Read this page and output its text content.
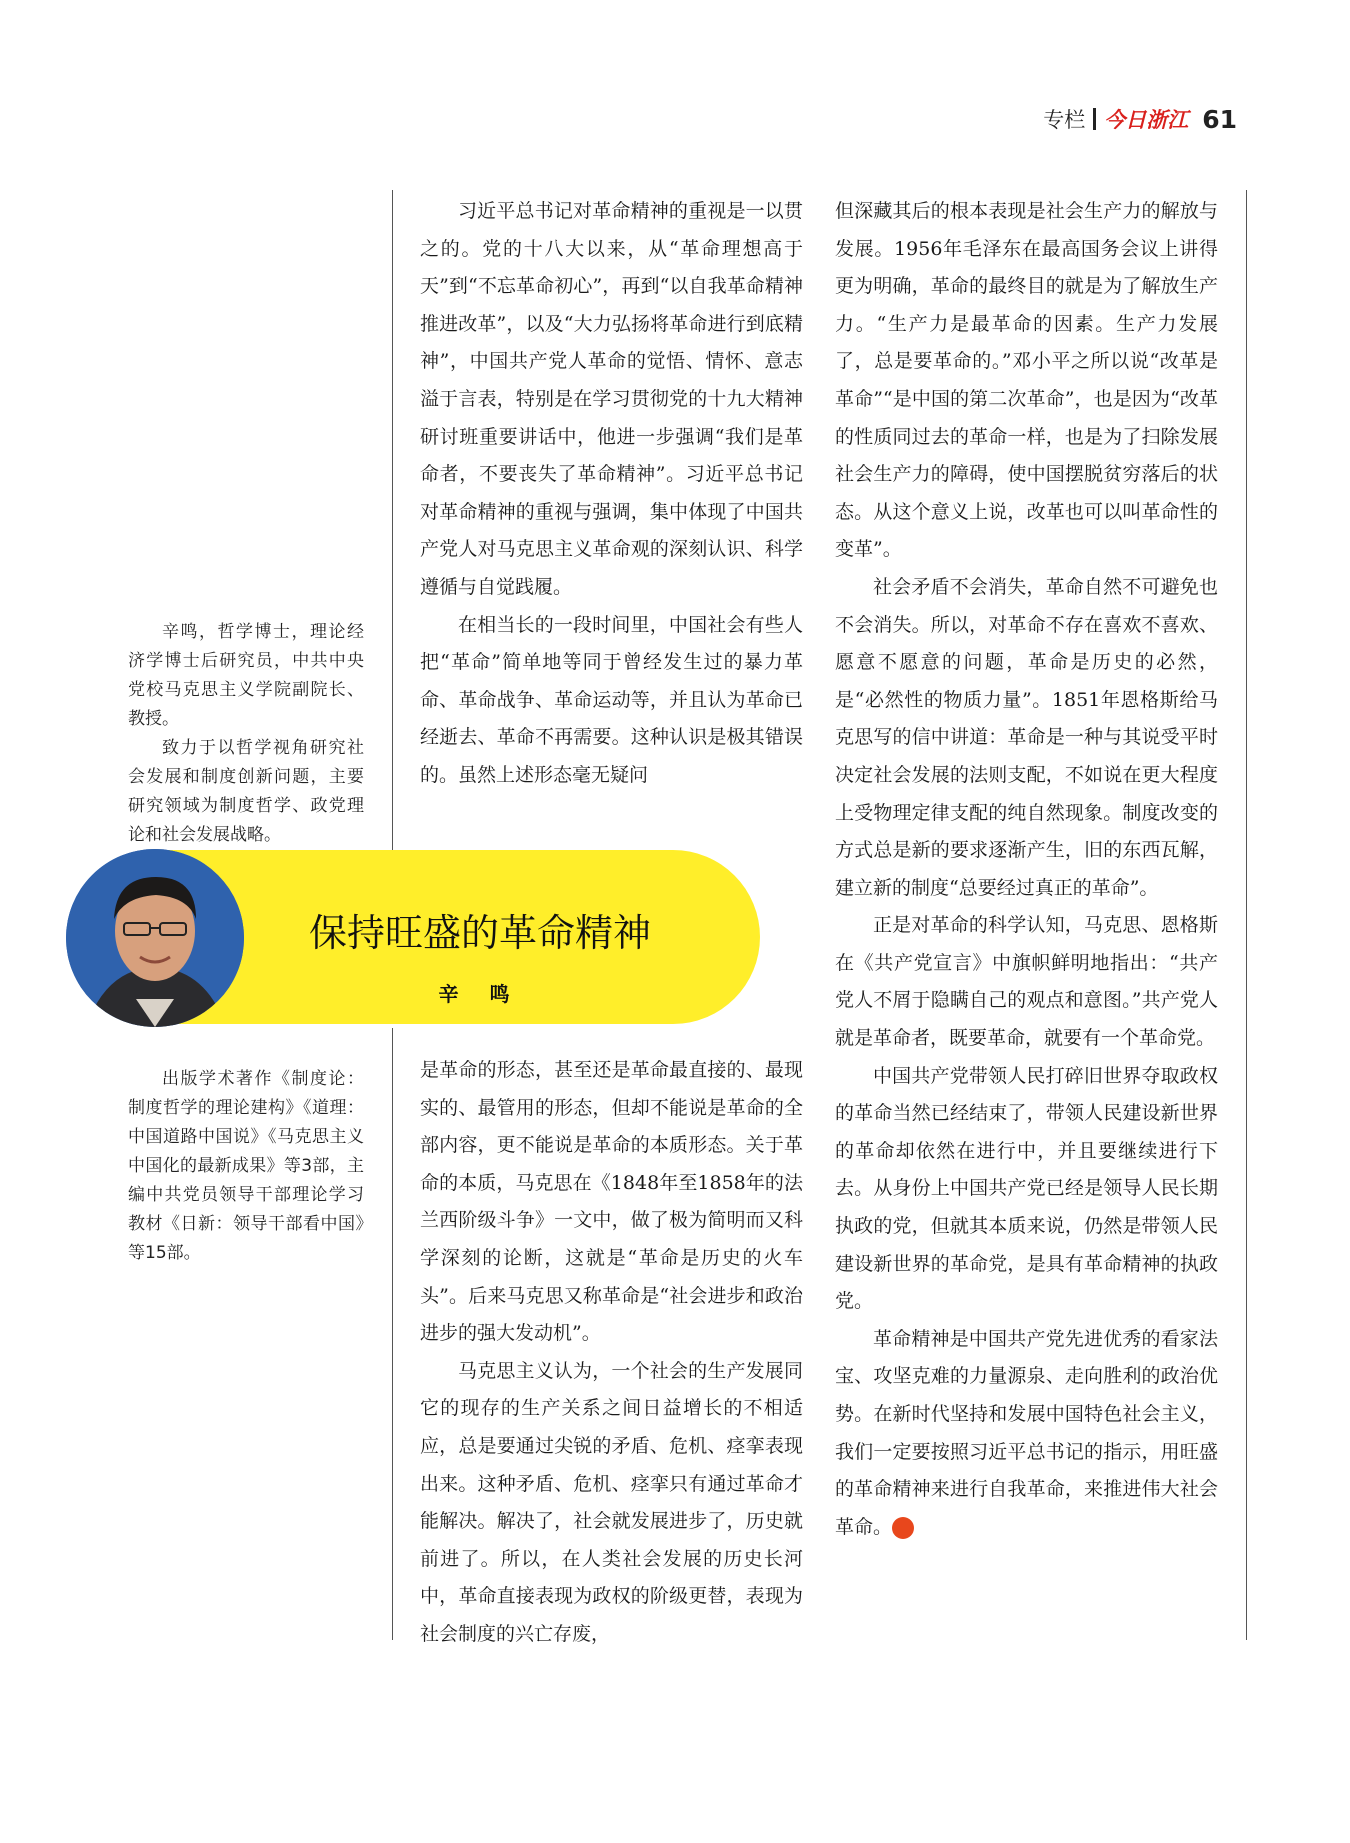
专栏 今日浙江 61

辛鸣，哲学博士，理论经济学博士后研究员，中共中央党校马克思主义学院副院长、教授。

致力于以哲学视角研究社会发展和制度创新问题，主要研究领域为制度哲学、政党理论和社会发展战略。

出版学术著作《制度论：制度哲学的理论建构》《道理：中国道路中国说》《马克思主义中国化的最新成果》等3部，主编中共党员领导干部理论学习教材《日新：领导干部看中国》等15部。

习近平总书记对革命精神的重视是一以贯之的。党的十八大以来，从“革命理想高于天”到“不忘革命初心”，再到“以自我革命精神推进改革”，以及“大力弘扬将革命进行到底精神”，中国共产党人革命的觉悟、情怀、意志溢于言表，特别是在学习贯彻党的十九大精神研讨班重要讲话中，他进一步强调“我们是革命者，不要丧失了革命精神”。习近平总书记对革命精神的重视与强调，集中体现了中国共产党人对马克思主义革命观的深刻认识、科学遵循与自觉践履。

在相当长的一段时间里，中国社会有些人把“革命”简单地等同于曾经发生过的暴力革命、革命战争、革命运动等，并且认为革命已经逝去、革命不再需要。这种认识是极其错误的。虽然上述形态毫无疑问

是革命的形态，甚至还是革命最直接的、最现实的、最管用的形态，但却不能说是革命的全部内容，更不能说是革命的本质形态。关于革命的本质，马克思在《1848年至1858年的法兰西阶级斗争》一文中，做了极为简明而又科学深刻的论断，这就是“革命是历史的火车头”。后来马克思又称革命是“社会进步和政治进步的强大发动机”。

马克思主义认为，一个社会的生产发展同它的现存的生产关系之间日益增长的不相适应，总是要通过尖锐的矛盾、危机、痉挛表现出来。这种矛盾、危机、痉挛只有通过革命才能解决。解决了，社会就发展进步了，历史就前进了。所以，在人类社会发展的历史长河中，革命直接表现为政权的阶级更替，表现为社会制度的兴亡存废，

但深藏其后的根本表现是社会生产力的解放与发展。1956年毛泽东在最高国务会议上讲得更为明确，革命的最终目的就是为了解放生产力。“生产力是最革命的因素。生产力发展了，总是要革命的。”邓小平之所以说“改革是革命”“是中国的第二次革命”，也是因为“改革的性质同过去的革命一样，也是为了扫除发展社会生产力的障碍，使中国摆脱贫穷落后的状态。从这个意义上说，改革也可以叫革命性的变革”。

社会矛盾不会消失，革命自然不可避免也不会消失。所以，对革命不存在喜欢不喜欢、愿意不愿意的问题，革命是历史的必然，是“必然性的物质力量”。1851年恩格斯给马克思写的信中讲道：革命是一种与其说受平时决定社会发展的法则支配，不如说在更大程度上受物理定律支配的纯自然现象。制度改变的方式总是新的要求逐渐产生，旧的东西瓦解，建立新的制度“总要经过真正的革命”。

正是对革命的科学认知，马克思、恩格斯在《共产党宣言》中旗帜鲜明地指出：“共产党人不屑于隐瞒自己的观点和意图。”共产党人就是革命者，既要革命，就要有一个革命党。

中国共产党带领人民打碎旧世界夺取政权的革命当然已经结束了，带领人民建设新世界的革命却依然在进行中，并且要继续进行下去。从身份上中国共产党已经是领导人民长期执政的党，但就其本质来说，仍然是带领人民建设新世界的革命党，是具有革命精神的执政党。

革命精神是中国共产党先进优秀的看家法宝、攻坚克难的力量源泉、走向胜利的政治优势。在新时代坚持和发展中国特色社会主义，我们一定要按照习近平总书记的指示，用旺盛的革命精神来进行自我革命，来推进伟大社会革命。	今

保持旺盛的革命精神
辛 鸣
